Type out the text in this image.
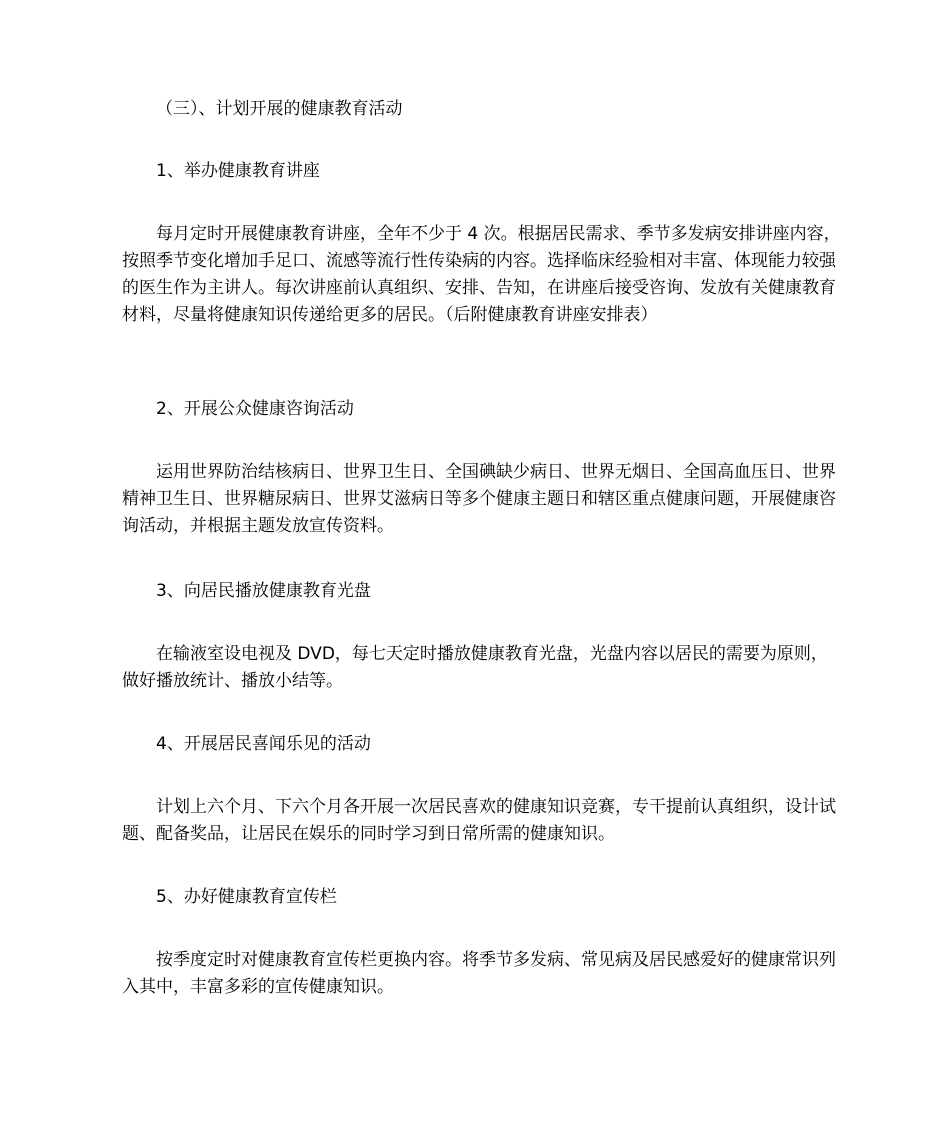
（三）、计划开展的健康教育活动

1、举办健康教育讲座

每月定时开展健康教育讲座，全年不少于 4 次。根据居民需求、季节多发病安排讲座内容，按照季节变化增加手足口、流感等流行性传染病的内容。选择临床经验相对丰富、体现能力较强的医生作为主讲人。每次讲座前认真组织、安排、告知，在讲座后接受咨询、发放有关健康教育材料，尽量将健康知识传递给更多的居民。（后附健康教育讲座安排表）

2、开展公众健康咨询活动

运用世界防治结核病日、世界卫生日、全国碘缺少病日、世界无烟日、全国高血压日、世界精神卫生日、世界糖尿病日、世界艾滋病日等多个健康主题日和辖区重点健康问题，开展健康咨询活动，并根据主题发放宣传资料。

3、向居民播放健康教育光盘

在输液室设电视及 DVD，每七天定时播放健康教育光盘，光盘内容以居民的需要为原则，做好播放统计、播放小结等。

4、开展居民喜闻乐见的活动

计划上六个月、下六个月各开展一次居民喜欢的健康知识竞赛，专干提前认真组织，设计试题、配备奖品，让居民在娱乐的同时学习到日常所需的健康知识。

5、办好健康教育宣传栏

按季度定时对健康教育宣传栏更换内容。将季节多发病、常见病及居民感爱好的健康常识列入其中，丰富多彩的宣传健康知识。
